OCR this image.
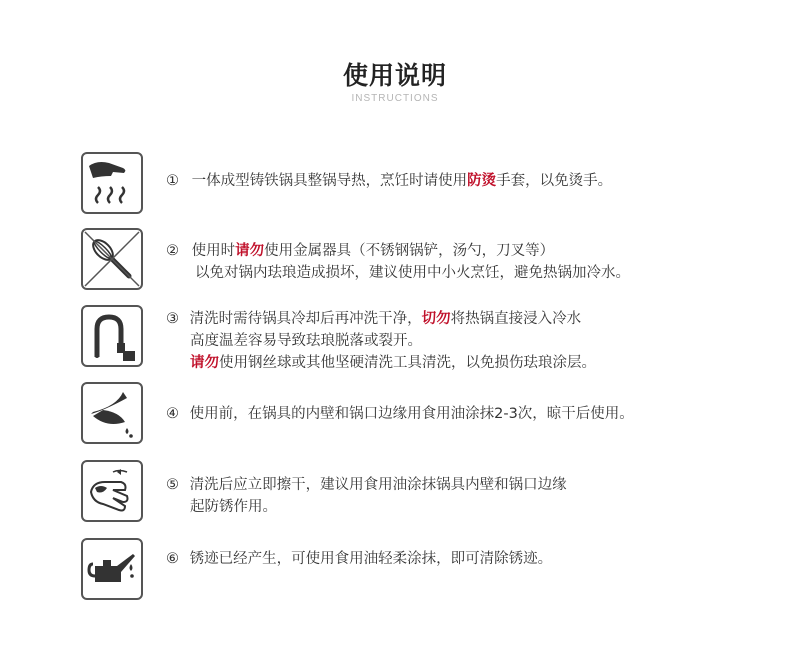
使用说明
INSTRUCTIONS
① 一体成型铸铁锅具整锅导热，烹饪时请使用防烫手套，以免烫手。
② 使用时请勿使用金属器具（不锈钢锅铲，汤勺，刀叉等）
以免对锅内珐琅造成损坏，建议使用中小火烹饪，避免热锅加冷水。
③ 清洗时需待锅具冷却后再冲洗干净，切勿将热锅直接浸入冷水
高度温差容易导致珐琅脱落或裂开。
请勿使用钢丝球或其他坚硬清洗工具清洗，以免损伤珐琅涂层。
④ 使用前，在锅具的内壁和锅口边缘用食用油涂抹2-3次，晾干后使用。
⑤ 清洗后应立即擦干，建议用食用油涂抹锅具内壁和锅口边缘
起防锈作用。
⑥ 锈迹已经产生，可使用食用油轻柔涂抹，即可清除锈迹。
